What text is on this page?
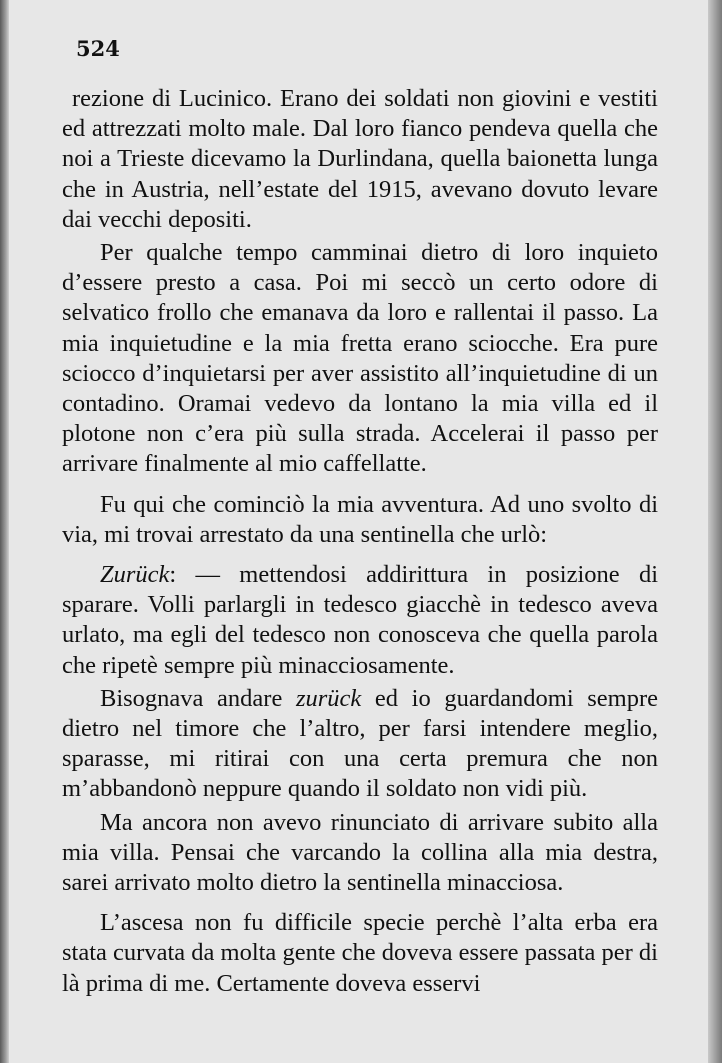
524

rezione di Lucinico. Erano dei soldati non giovini e vestiti ed attrezzati molto male. Dal loro fianco pendeva quella che noi a Trieste dicevamo la Durlindana, quella baionetta lunga che in Austria, nell’estate del 1915, avevano dovuto levare dai vecchi depositi.

Per qualche tempo camminai dietro di loro inquieto d’essere presto a casa. Poi mi seccò un certo odore di selvatico frollo che emanava da loro e rallentai il passo. La mia inquietudine e la mia fretta erano sciocche. Era pure sciocco d’inquietarsi per aver assistito all’inquietudine di un contadino. Oramai vedevo da lontano la mia villa ed il plotone non c’era più sulla strada. Accelerai il passo per arrivare finalmente al mio caffellatte.

Fu qui che cominciò la mia avventura. Ad uno svolto di via, mi trovai arrestato da una sentinella che urlò:

Zurück: — mettendosi addirittura in posizione di sparare. Volli parlargli in tedesco giacchè in tedesco aveva urlato, ma egli del tedesco non conosceva che quella parola che ripetè sempre più minacciosamente.

Bisognava andare zurück ed io guardandomi sempre dietro nel timore che l’altro, per farsi intendere meglio, sparasse, mi ritirai con una certa premura che non m’abbandonò neppure quando il soldato non vidi più.

Ma ancora non avevo rinunciato di arrivare subito alla mia villa. Pensai che varcando la collina alla mia destra, sarei arrivato molto dietro la sentinella minacciosa.

L’ascesa non fu difficile specie perchè l’alta erba era stata curvata da molta gente che doveva essere passata per di là prima di me. Certamente doveva esservi
